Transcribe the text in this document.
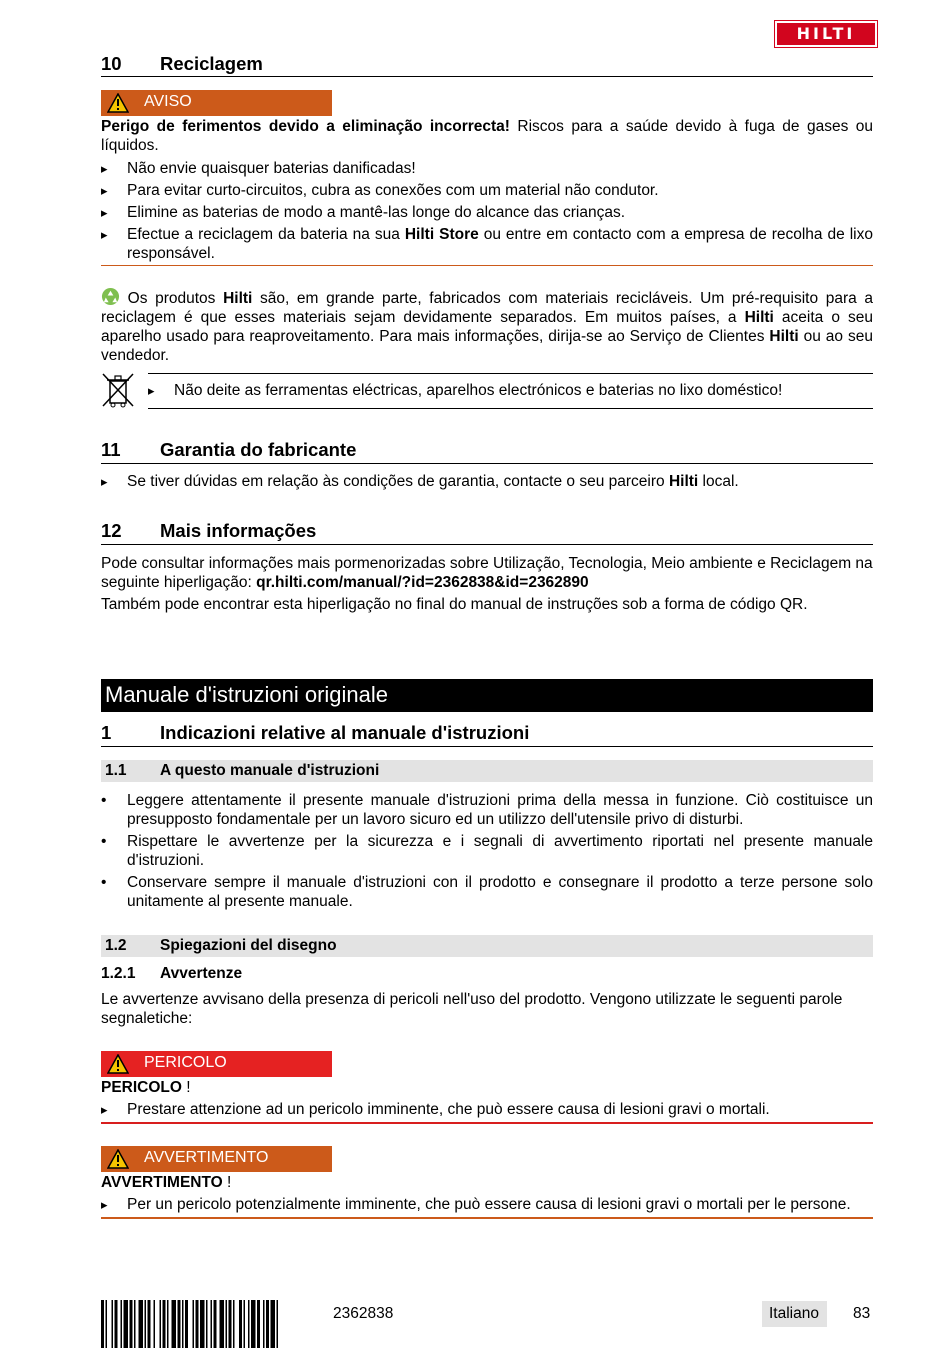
HILTI
10 Reciclagem
AVISO
Perigo de ferimentos devido a eliminação incorrecta! Riscos para a saúde devido à fuga de gases ou líquidos.
▸ Não envie quaisquer baterias danificadas!
▸ Para evitar curto-circuitos, cubra as conexões com um material não condutor.
▸ Elimine as baterias de modo a mantê-las longe do alcance das crianças.
▸ Efectue a reciclagem da bateria na sua Hilti Store ou entre em contacto com a empresa de recolha de lixo responsável.
Os produtos Hilti são, em grande parte, fabricados com materiais recicláveis. Um pré-requisito para a reciclagem é que esses materiais sejam devidamente separados. Em muitos países, a Hilti aceita o seu aparelho usado para reaproveitamento. Para mais informações, dirija-se ao Serviço de Clientes Hilti ou ao seu vendedor.
▸ Não deite as ferramentas eléctricas, aparelhos electrónicos e baterias no lixo doméstico!
11 Garantia do fabricante
▸ Se tiver dúvidas em relação às condições de garantia, contacte o seu parceiro Hilti local.
12 Mais informações
Pode consultar informações mais pormenorizadas sobre Utilização, Tecnologia, Meio ambiente e Reciclagem na seguinte hiperligação: qr.hilti.com/manual/?id=2362838&id=2362890
Também pode encontrar esta hiperligação no final do manual de instruções sob a forma de código QR.
Manuale d'istruzioni originale
1	Indicazioni relative al manuale d'istruzioni
1.1 A questo manuale d'istruzioni
• Leggere attentamente il presente manuale d'istruzioni prima della messa in funzione. Ciò costituisce un presupposto fondamentale per un lavoro sicuro ed un utilizzo dell'utensile privo di disturbi.
• Rispettare le avvertenze per la sicurezza e i segnali di avvertimento riportati nel presente manuale d'istruzioni.
• Conservare sempre il manuale d'istruzioni con il prodotto e consegnare il prodotto a terze persone solo unitamente al presente manuale.
1.2 Spiegazioni del disegno
1.2.1 Avvertenze
Le avvertenze avvisano della presenza di pericoli nell'uso del prodotto. Vengono utilizzate le seguenti parole segnaletiche:
PERICOLO
PERICOLO !
▸ Prestare attenzione ad un pericolo imminente, che può essere causa di lesioni gravi o mortali.
AVVERTIMENTO
AVVERTIMENTO !
▸ Per un pericolo potenzialmente imminente, che può essere causa di lesioni gravi o mortali per le persone.
2362838	Italiano 83
